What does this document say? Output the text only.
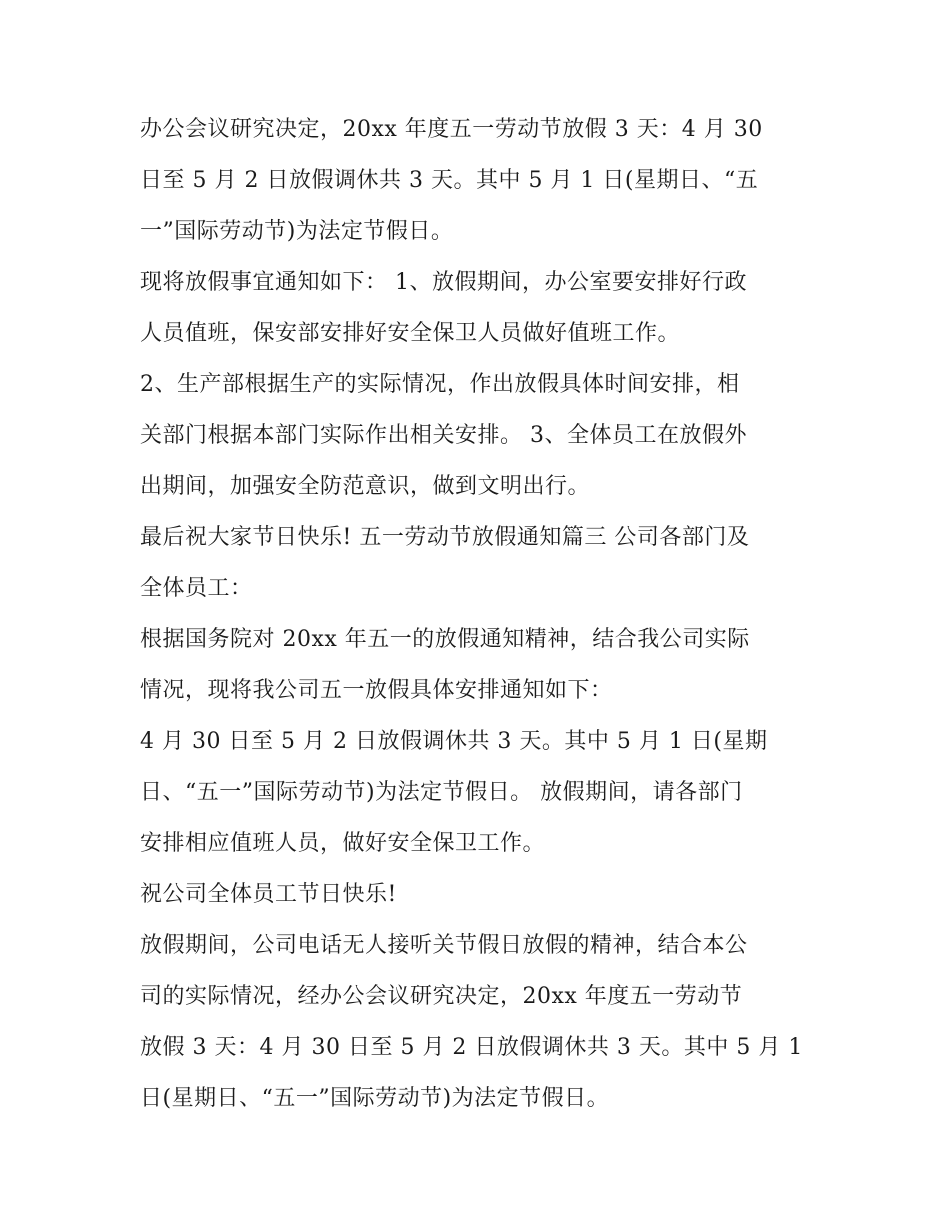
办公会议研究决定，20xx 年度五一劳动节放假 3 天：4 月 30
日至 5 月 2 日放假调休共 3 天。其中 5 月 1 日(星期日、“五
一”国际劳动节)为法定节假日。
现将放假事宜通知如下： 1、放假期间，办公室要安排好行政
人员值班，保安部安排好安全保卫人员做好值班工作。
2、生产部根据生产的实际情况，作出放假具体时间安排，相
关部门根据本部门实际作出相关安排。 3、全体员工在放假外
出期间，加强安全防范意识，做到文明出行。
最后祝大家节日快乐! 五一劳动节放假通知篇三 公司各部门及
全体员工：
根据国务院对 20xx 年五一的放假通知精神，结合我公司实际
情况，现将我公司五一放假具体安排通知如下：
4 月 30 日至 5 月 2 日放假调休共 3 天。其中 5 月 1 日(星期
日、“五一”国际劳动节)为法定节假日。 放假期间，请各部门
安排相应值班人员，做好安全保卫工作。
祝公司全体员工节日快乐!
放假期间，公司电话无人接听关节假日放假的精神，结合本公
司的实际情况，经办公会议研究决定，20xx 年度五一劳动节
放假 3 天：4 月 30 日至 5 月 2 日放假调休共 3 天。其中 5 月 1
日(星期日、“五一”国际劳动节)为法定节假日。
